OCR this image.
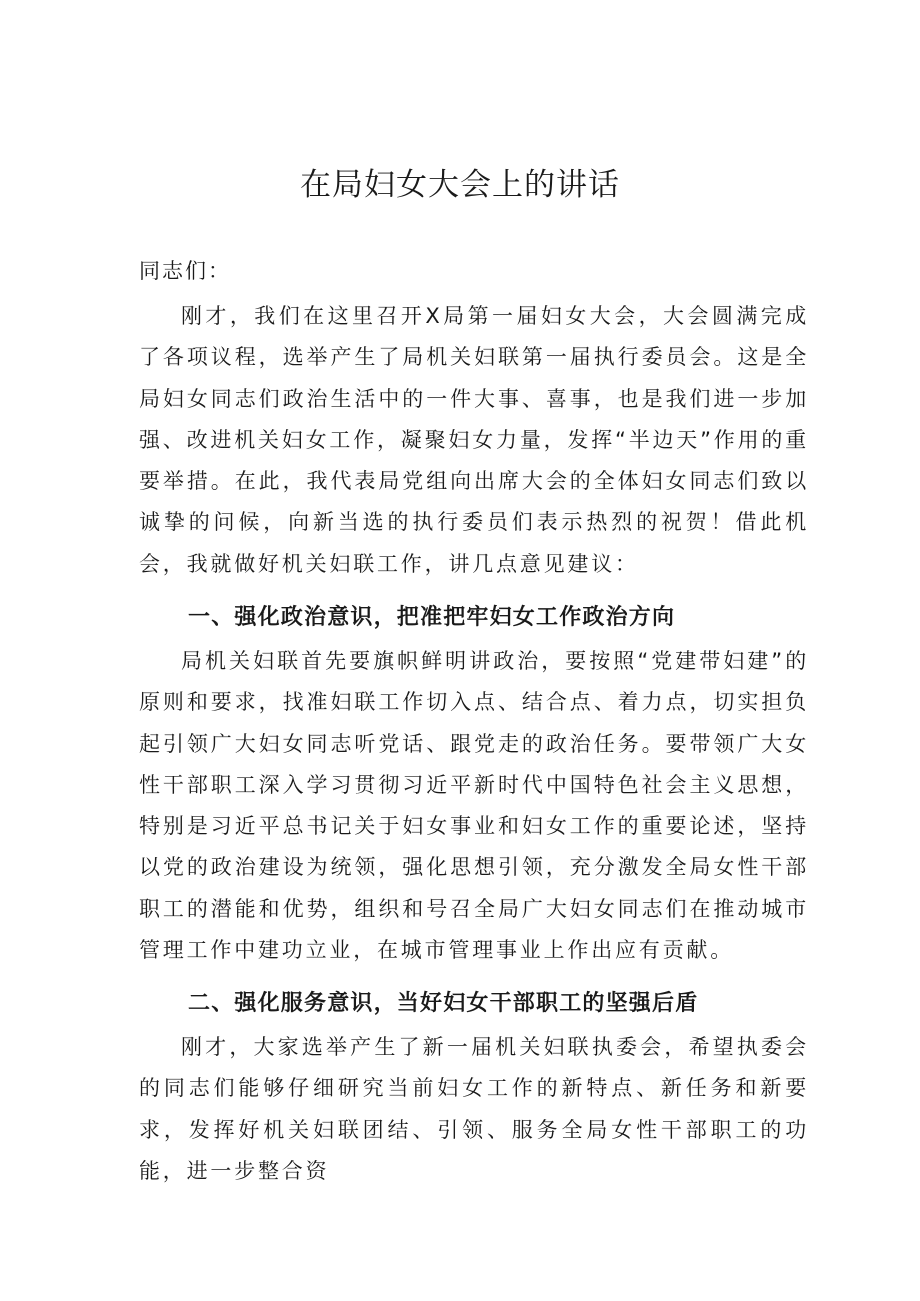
在局妇女大会上的讲话
同志们：

刚才，我们在这里召开X局第一届妇女大会，大会圆满完成了各项议程，选举产生了局机关妇联第一届执行委员会。这是全局妇女同志们政治生活中的一件大事、喜事，也是我们进一步加强、改进机关妇女工作，凝聚妇女力量，发挥“半边天”作用的重要举措。在此，我代表局党组向出席大会的全体妇女同志们致以诚挚的问候，向新当选的执行委员们表示热烈的祝贺！借此机会，我就做好机关妇联工作，讲几点意见建议：

一、强化政治意识，把准把牢妇女工作政治方向

局机关妇联首先要旗帜鲜明讲政治，要按照“党建带妇建”的原则和要求，找准妇联工作切入点、结合点、着力点，切实担负起引领广大妇女同志听党话、跟党走的政治任务。要带领广大女性干部职工深入学习贯彻习近平新时代中国特色社会主义思想，特别是习近平总书记关于妇女事业和妇女工作的重要论述，坚持以党的政治建设为统领，强化思想引领，充分激发全局女性干部职工的潜能和优势，组织和号召全局广大妇女同志们在推动城市管理工作中建功立业，在城市管理事业上作出应有贡献。

二、强化服务意识，当好妇女干部职工的坚强后盾

刚才，大家选举产生了新一届机关妇联执委会，希望执委会的同志们能够仔细研究当前妇女工作的新特点、新任务和新要求，发挥好机关妇联团结、引领、服务全局女性干部职工的功能，进一步整合资
